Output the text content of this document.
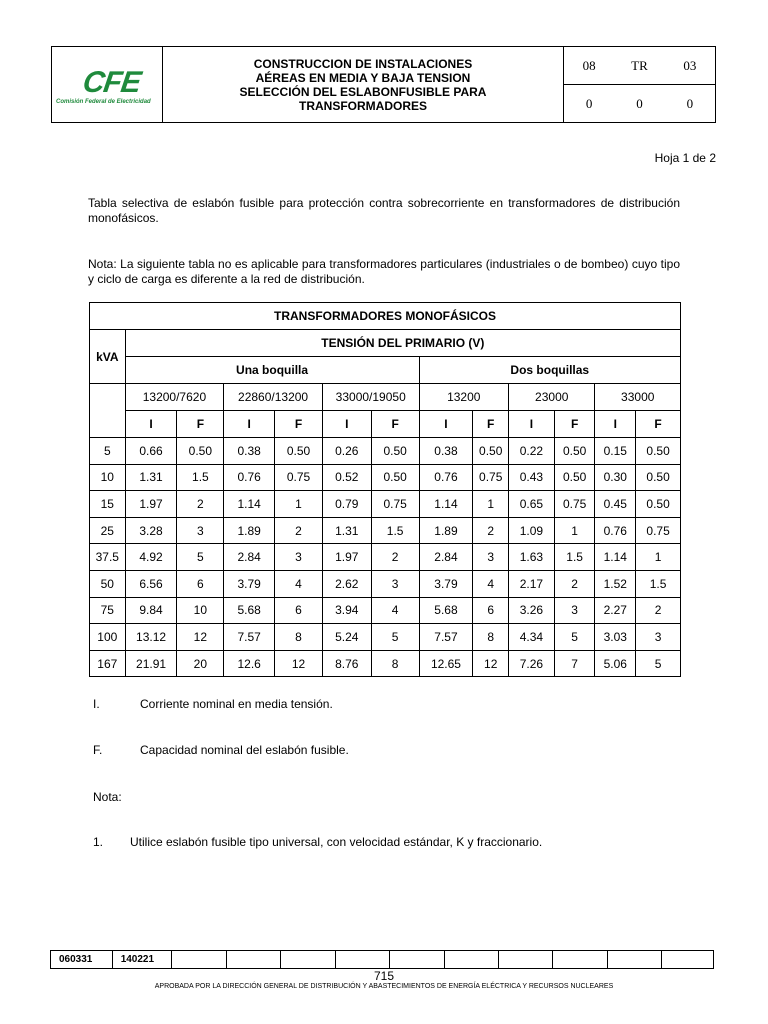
CFE
Comisión Federal de Electricidad
CONSTRUCCION DE INSTALACIONES
AÉREAS EN MEDIA Y BAJA TENSION
SELECCIÓN DEL ESLABONFUSIBLE PARA
TRANSFORMADORES
08	TR	03
0	0	0
Hoja 1 de 2
Tabla selectiva de eslabón fusible para protección contra sobrecorriente en transformadores de distribución monofásicos.
Nota: La siguiente tabla no es aplicable para transformadores particulares (industriales o de bombeo) cuyo tipo y ciclo de carga es diferente a la red de distribución.
TRANSFORMADORES MONOFÁSICOS												
kVA	TENSIÓN DEL PRIMARIO (V)											
	Una boquilla						Dos boquillas					
	13200/7620		22860/13200		33000/19050		13200		23000		33000	
	I	F	I	F	I	F	I	F	I	F	I	F
5	0.66	0.50	0.38	0.50	0.26	0.50	0.38	0.50	0.22	0.50	0.15	0.50
10	1.31	1.5	0.76	0.75	0.52	0.50	0.76	0.75	0.43	0.50	0.30	0.50
15	1.97	2	1.14	1	0.79	0.75	1.14	1	0.65	0.75	0.45	0.50
25	3.28	3	1.89	2	1.31	1.5	1.89	2	1.09	1	0.76	0.75
37.5	4.92	5	2.84	3	1.97	2	2.84	3	1.63	1.5	1.14	1
50	6.56	6	3.79	4	2.62	3	3.79	4	2.17	2	1.52	1.5
75	9.84	10	5.68	6	3.94	4	5.68	6	3.26	3	2.27	2
100	13.12	12	7.57	8	5.24	5	7.57	8	4.34	5	3.03	3
167	21.91	20	12.6	12	8.76	8	12.65	12	7.26	7	5.06	5
I.	Corriente nominal en media tensión.
F.	Capacidad nominal del eslabón fusible.
Nota:
1. Utilice eslabón fusible tipo universal, con velocidad estándar, K y fraccionario.
060331	140221										
715
APROBADA POR LA DIRECCIÓN GENERAL DE DISTRIBUCIÓN Y ABASTECIMIENTOS DE ENERGÍA ELÉCTRICA Y RECURSOS NUCLEARES
